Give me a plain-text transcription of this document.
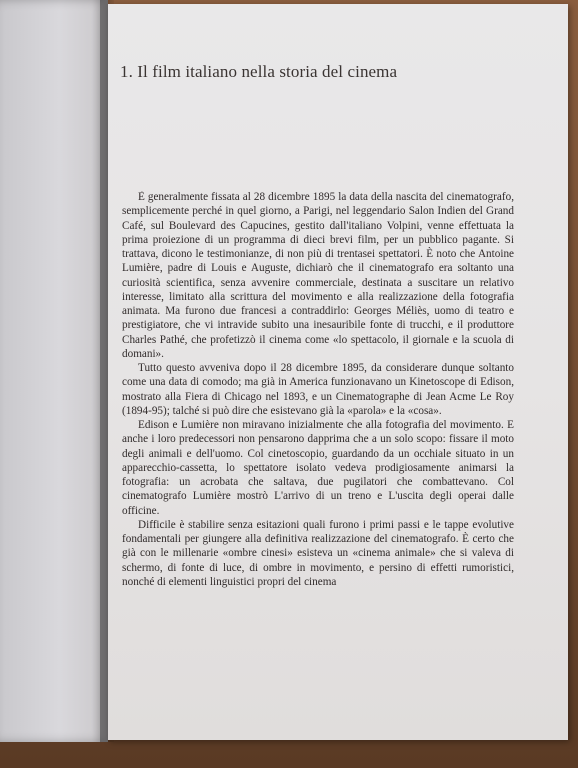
1. Il film italiano nella storia del cinema

È generalmente fissata al 28 dicembre 1895 la data della nascita del cinematografo, semplicemente perché in quel giorno, a Parigi, nel leggendario Salon Indien del Grand Café, sul Boulevard des Capucines, gestito dall'italiano Volpini, venne effettuata la prima proiezione di un programma di dieci brevi film, per un pubblico pagante. Si trattava, dicono le testimonianze, di non più di trentasei spettatori. È noto che Antoine Lumière, padre di Louis e Auguste, dichiarò che il cinematografo era soltanto una curiosità scientifica, senza avvenire commerciale, destinata a suscitare un relativo interesse, limitato alla scrittura del movimento e alla realizzazione della fotografia animata. Ma furono due francesi a contraddirlo: Georges Méliès, uomo di teatro e prestigiatore, che vi intravide subito una inesauribile fonte di trucchi, e il produttore Charles Pathé, che profetizzò il cinema come «lo spettacolo, il giornale e la scuola di domani».

Tutto questo avveniva dopo il 28 dicembre 1895, da considerare dunque soltanto come una data di comodo; ma già in America funzionavano un Kinetoscope di Edison, mostrato alla Fiera di Chicago nel 1893, e un Cinematographe di Jean Acme Le Roy (1894-95); talché si può dire che esistevano già la «parola» e la «cosa».

Edison e Lumière non miravano inizialmente che alla fotografia del movimento. E anche i loro predecessori non pensarono dapprima che a un solo scopo: fissare il moto degli animali e dell'uomo. Col cinetoscopio, guardando da un occhiale situato in un apparecchio-cassetta, lo spettatore isolato vedeva prodigiosamente animarsi la fotografia: un acrobata che saltava, due pugilatori che combattevano. Col cinematografo Lumière mostrò L'arrivo di un treno e L'uscita degli operai dalle officine.

Difficile è stabilire senza esitazioni quali furono i primi passi e le tappe evolutive fondamentali per giungere alla definitiva realizzazione del cinematografo. È certo che già con le millenarie «ombre cinesi» esisteva un «cinema animale» che si valeva di schermo, di fonte di luce, di ombre in movimento, e persino di effetti rumoristici, nonché di elementi linguistici propri del cinema
